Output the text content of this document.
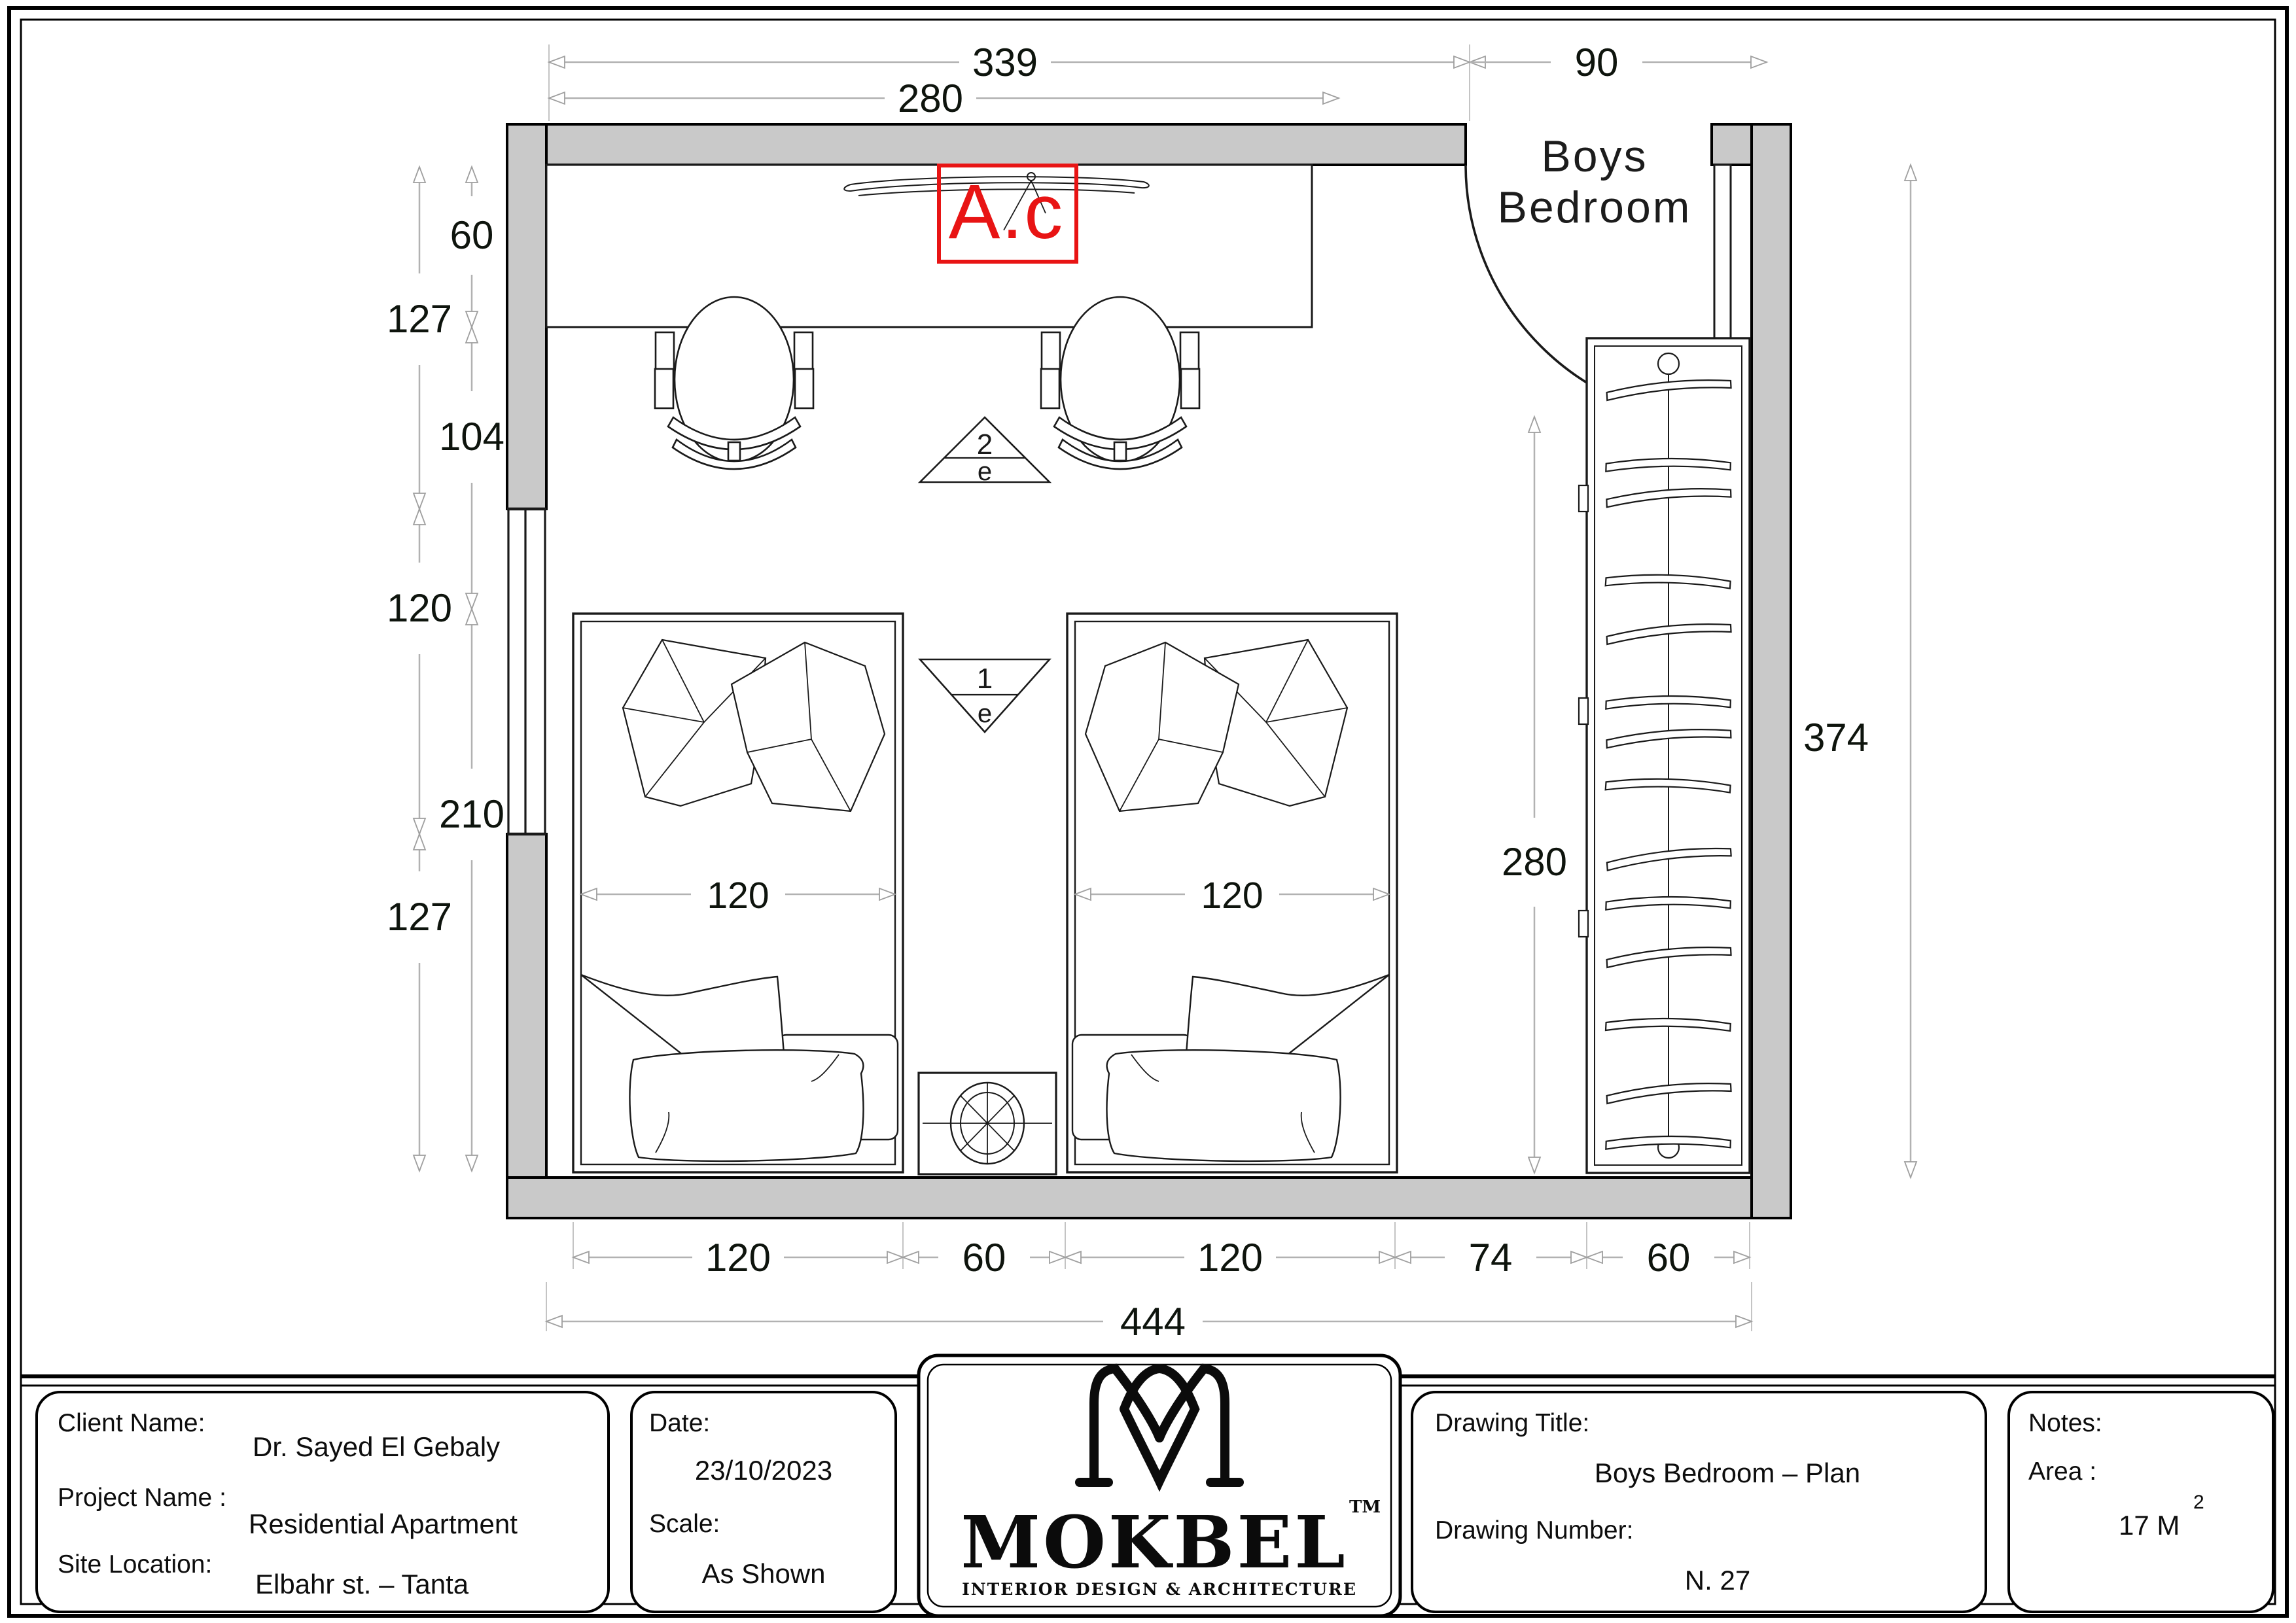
A.c
2
e
1
e
120	120
Boys
Bedroom
339	90
280
127
120
127
60
104
210
280
374
120	60	120	74	60
444
Client Name:
Dr. Sayed El Gebaly
Project Name :
Residential Apartment
Site Location:
Elbahr st. – Tanta
Date:
23/10/2023
Scale:
As Shown MOKBEL TM
INTERIOR DESIGN & ARCHITECTURE
Drawing Title:
Boys Bedroom – Plan
Drawing Number:
N. 27
Notes:
Area :
17 M
2
